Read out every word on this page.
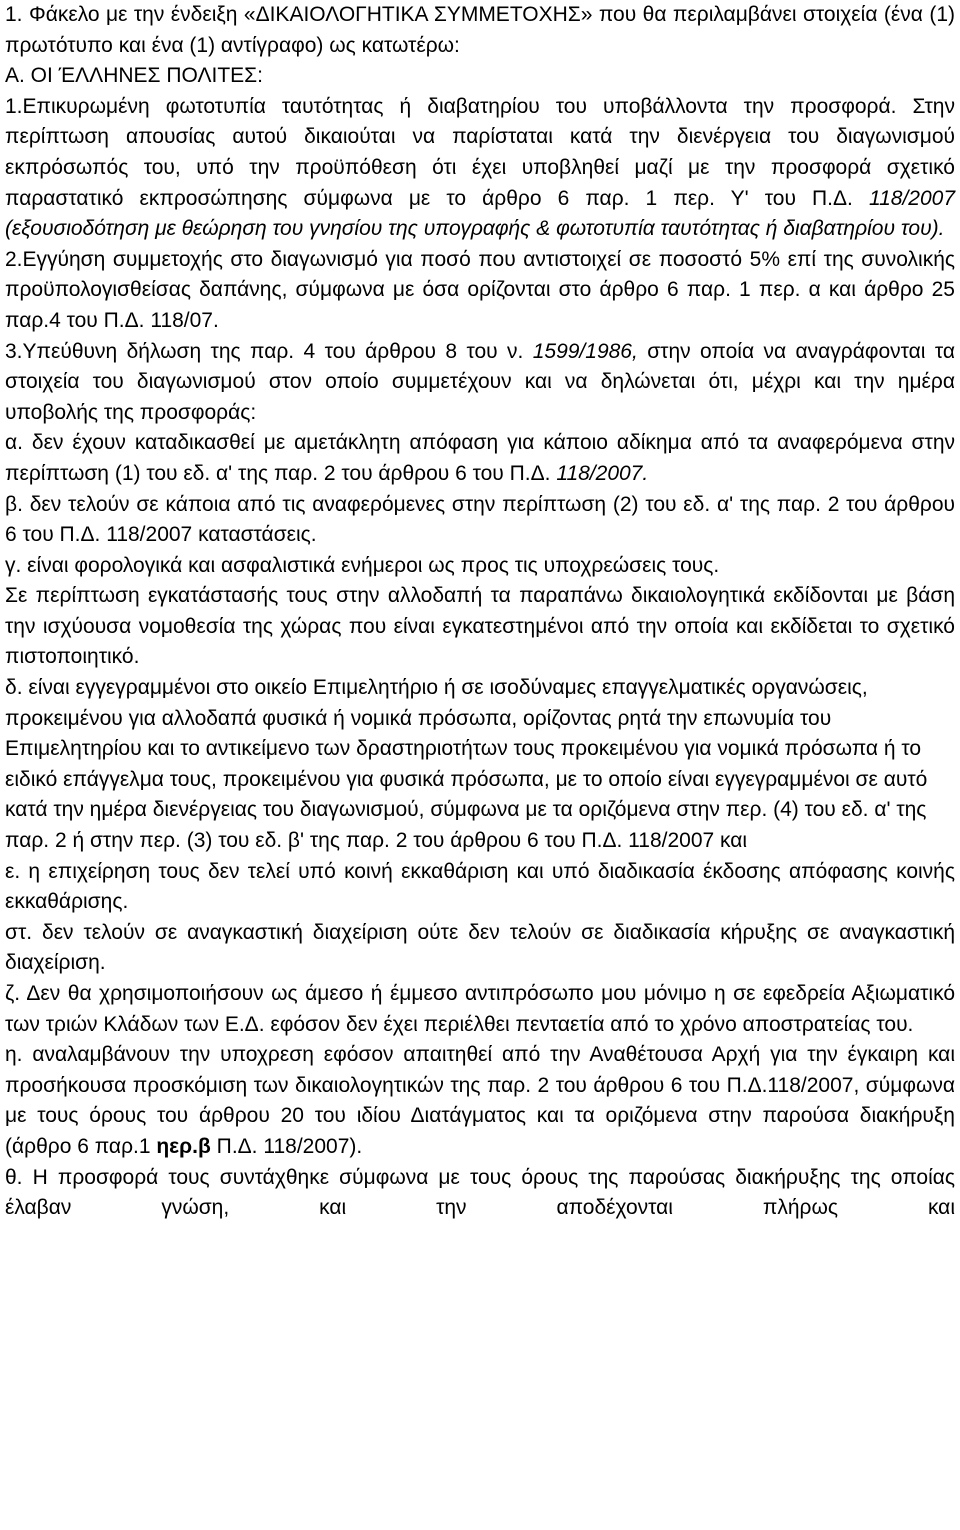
1. Φάκελο με την ένδειξη «ΔΙΚΑΙΟΛΟΓΗΤΙΚΑ ΣΥΜΜΕΤΟΧΗΣ» που θα περιλαμβάνει στοιχεία (ένα (1) πρωτότυπο και ένα (1) αντίγραφο) ως κατωτέρω:

Α. ΟΙ ΈΛΛΗΝΕΣ ΠΟΛΙΤΕΣ:

1.Επικυρωμένη φωτοτυπία ταυτότητας ή διαβατηρίου του υποβάλλοντα την προσφορά. Στην περίπτωση απουσίας αυτού δικαιούται να παρίσταται κατά την διενέργεια του διαγωνισμού εκπρόσωπός του, υπό την προϋπόθεση ότι έχει υποβληθεί μαζί με την προσφορά σχετικό παραστατικό εκπροσώπησης σύμφωνα με το άρθρο 6 παρ. 1 περ. Υ' του Π.Δ. 118/2007 (εξουσιοδότηση με θεώρηση του γνησίου της υπογραφής & φωτοτυπία ταυτότητας ή διαβατηρίου του).

2.Εγγύηση συμμετοχής στο διαγωνισμό για ποσό που αντιστοιχεί σε ποσοστό 5% επί της συνολικής προϋπολογισθείσας δαπάνης, σύμφωνα με όσα ορίζονται στο άρθρο 6 παρ. 1 περ. α και άρθρο 25 παρ.4 του Π.Δ. 118/07.

3.Υπεύθυνη δήλωση της παρ. 4 του άρθρου 8 του ν. 1599/1986, στην οποία να αναγράφονται τα στοιχεία του διαγωνισμού στον οποίο συμμετέχουν και να δηλώνεται ότι, μέχρι και την ημέρα υποβολής της προσφοράς:

α. δεν έχουν καταδικασθεί με αμετάκλητη απόφαση για κάποιο αδίκημα από τα αναφερόμενα στην περίπτωση (1) του εδ. α' της παρ. 2 του άρθρου 6 του Π.Δ. 118/2007.

β. δεν τελούν σε κάποια από τις αναφερόμενες στην περίπτωση (2) του εδ. α' της παρ. 2 του άρθρου 6 του Π.Δ. 118/2007 καταστάσεις.

γ. είναι φορολογικά και ασφαλιστικά ενήμεροι ως προς τις υποχρεώσεις τους.

Σε περίπτωση εγκατάστασής τους στην αλλοδαπή τα παραπάνω δικαιολογητικά εκδίδονται με βάση την ισχύουσα νομοθεσία της χώρας που είναι εγκατεστημένοι από την οποία και εκδίδεται το σχετικό πιστοποιητικό.

δ. είναι εγγεγραμμένοι στο οικείο Επιμελητήριο ή σε ισοδύναμες επαγγελματικές οργανώσεις, προκειμένου για αλλοδαπά φυσικά ή νομικά πρόσωπα, ορίζοντας ρητά την επωνυμία του Επιμελητηρίου και το αντικείμενο των δραστηριοτήτων τους προκειμένου για νομικά πρόσωπα ή το ειδικό επάγγελμα τους, προκειμένου για φυσικά πρόσωπα, με το οποίο είναι εγγεγραμμένοι σε αυτό κατά την ημέρα διενέργειας του διαγωνισμού, σύμφωνα με τα οριζόμενα στην περ. (4) του εδ. α' της παρ. 2 ή στην περ. (3) του εδ. β' της παρ. 2 του άρθρου 6 του Π.Δ. 118/2007 και

ε. η επιχείρηση τους δεν τελεί υπό κοινή εκκαθάριση και υπό διαδικασία έκδοσης απόφασης κοινής εκκαθάρισης.

στ. δεν τελούν σε αναγκαστική διαχείριση ούτε δεν τελούν σε διαδικασία κήρυξης σε αναγκαστική διαχείριση.

ζ. Δεν θα χρησιμοποιήσουν ως άμεσο ή έμμεσο αντιπρόσωπο μου μόνιμο η σε εφεδρεία Αξιωματικό των τριών Κλάδων των Ε.Δ. εφόσον δεν έχει περιέλθει πενταετία από το χρόνο αποστρατείας του.

η. αναλαμβάνουν την υποχρεση εφόσον απαιτηθεί από την Αναθέτουσα Αρχή για την έγκαιρη και προσήκουσα προσκόμιση των δικαιολογητικών της παρ. 2 του άρθρου 6 του Π.Δ.118/2007, σύμφωνα με τους όρους του άρθρου 20 του ιδίου Διατάγματος και τα οριζόμενα στην παρούσα διακήρυξη (άρθρο 6 παρ.1 ηερ.β Π.Δ. 118/2007).

θ. Η προσφορά τους συντάχθηκε σύμφωνα με τους όρους της παρούσας διακήρυξης της οποίας έλαβαν γνώση, και την αποδέχονται πλήρως και
